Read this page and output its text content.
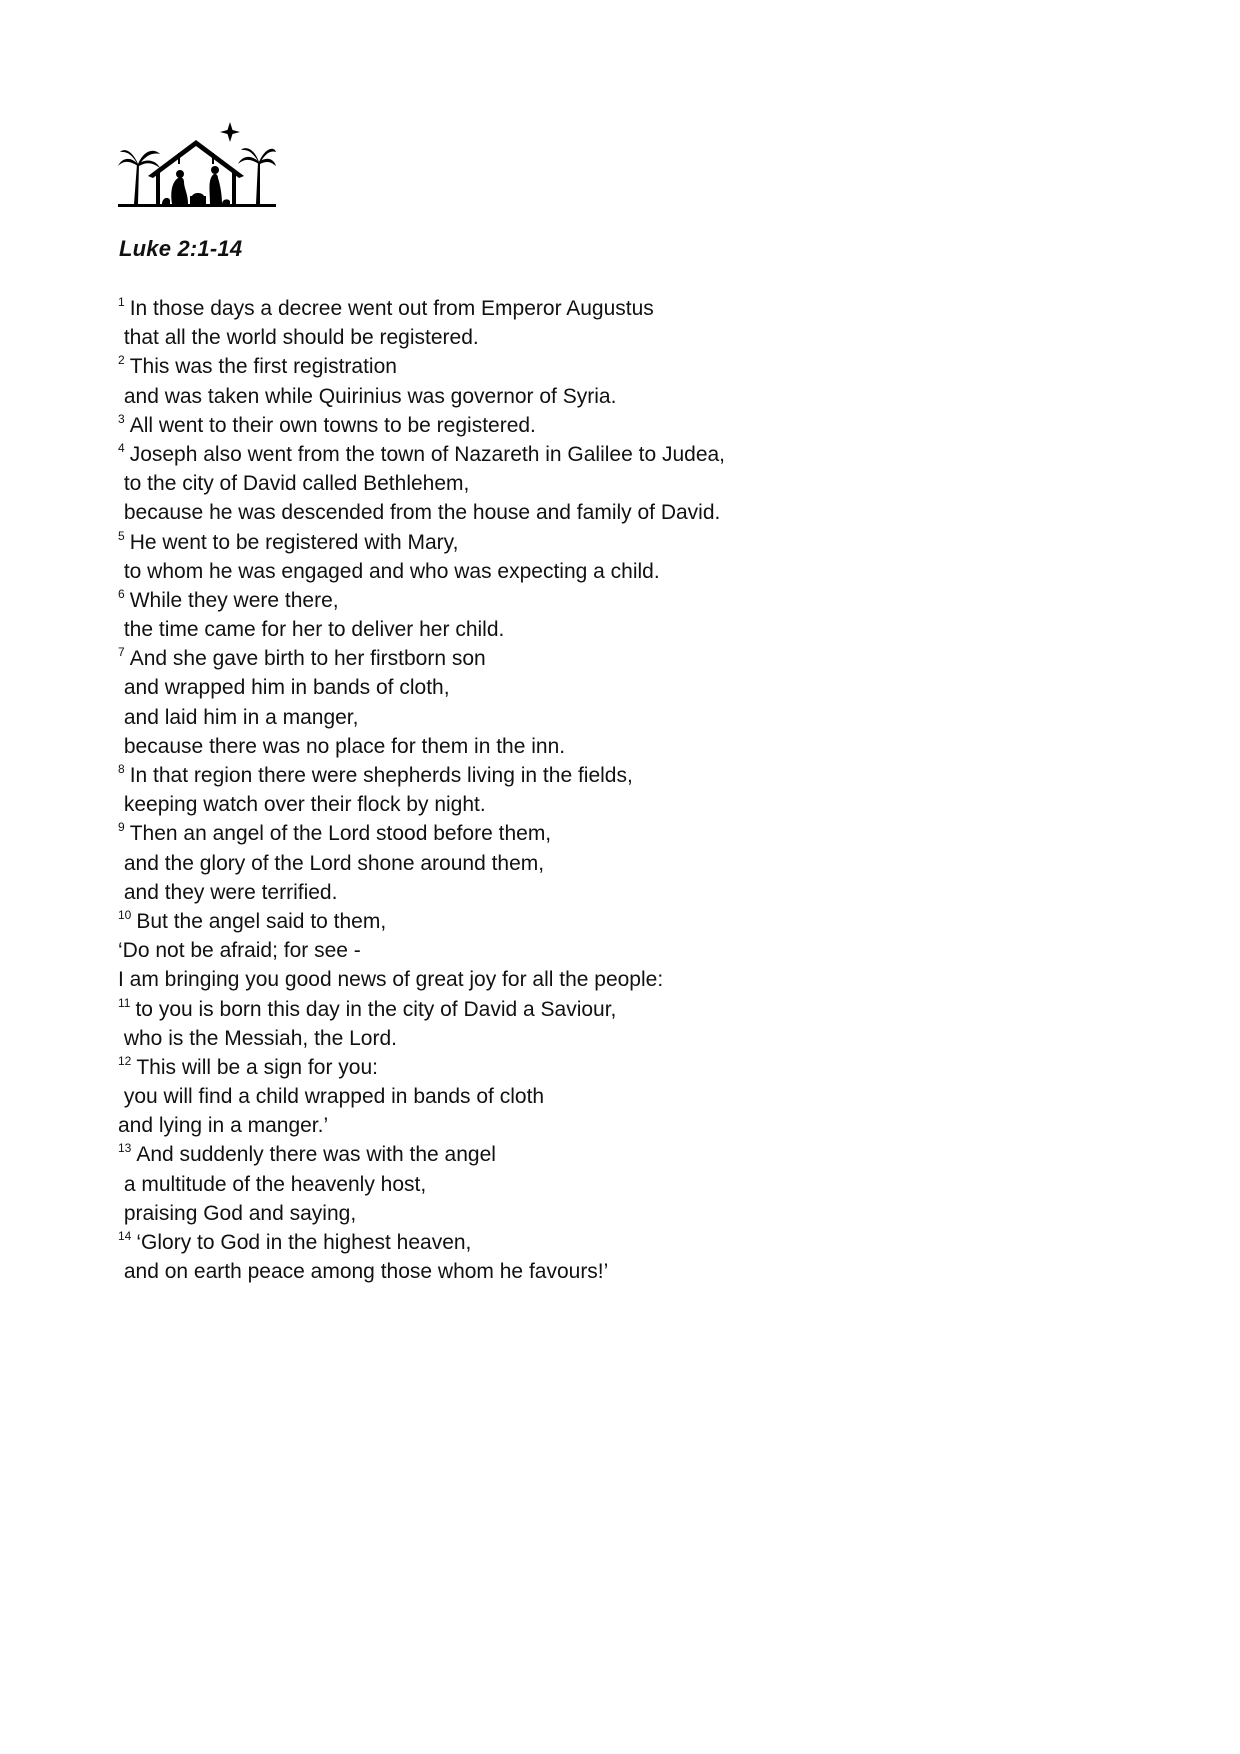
Luke 2:1-14
$^1$ In those days a decree went out from Emperor Augustus
that all the world should be registered.
$^2$ This was the first registration
and was taken while Quirinius was governor of Syria.
$^3$ All went to their own towns to be registered.
$^4$ Joseph also went from the town of Nazareth in Galilee to Judea,
to the city of David called Bethlehem,
because he was descended from the house and family of David.
$^5$ He went to be registered with Mary,
to whom he was engaged and who was expecting a child.
$^6$ While they were there,
the time came for her to deliver her child.
$^7$ And she gave birth to her firstborn son
and wrapped him in bands of cloth,
and laid him in a manger,
because there was no place for them in the inn.
$^8$ In that region there were shepherds living in the fields,
keeping watch over their flock by night.
$^9$ Then an angel of the Lord stood before them,
and the glory of the Lord shone around them,
and they were terrified.
$^{10}$ But the angel said to them,
‘Do not be afraid; for see -
I am bringing you good news of great joy for all the people:
$^{11}$ to you is born this day in the city of David a Saviour,
who is the Messiah, the Lord.
$^{12}$ This will be a sign for you:
you will find a child wrapped in bands of cloth
and lying in a manger.’
$^{13}$ And suddenly there was with the angel
a multitude of the heavenly host,
praising God and saying,
$^{14}$ ‘Glory to God in the highest heaven,
and on earth peace among those whom he favours!’
